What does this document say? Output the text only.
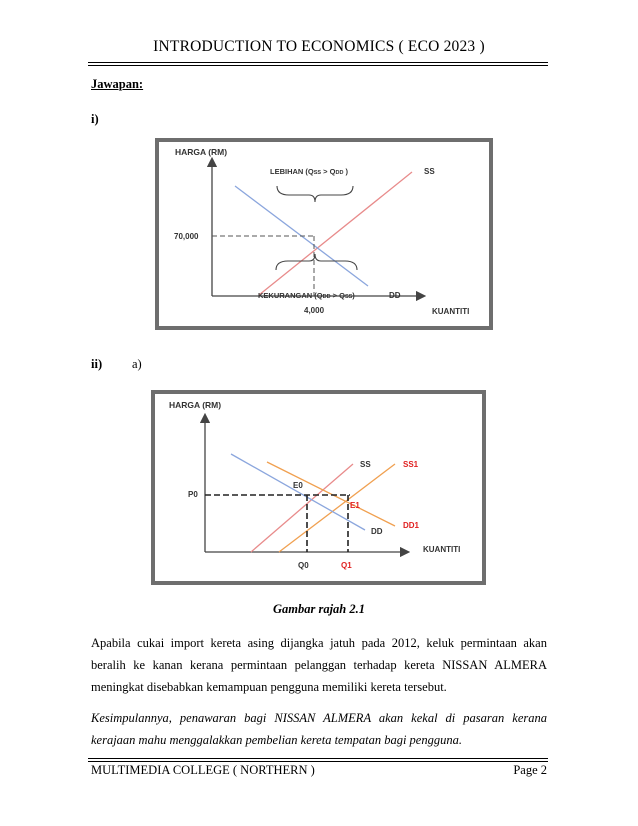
INTRODUCTION TO ECONOMICS ( ECO 2023 )
Jawapan:
i)
HARGA (RM)
KUANTITI
70,000
4,000
SS
DD
LEBIHAN (QSS > QDD )
KEKURANGAN (QDD > QSS)
ii) a)
HARGA (RM)
KUANTITI
P0
Q0	Q1
E0
E1
SS	SS1
DD
DD1
Gambar rajah 2.1

Apabila cukai import kereta asing dijangka jatuh pada 2012, keluk permintaan akan beralih ke kanan kerana permintaan pelanggan terhadap kereta NISSAN ALMERA meningkat disebabkan kemampuan pengguna memiliki kereta tersebut.

Kesimpulannya, penawaran bagi NISSAN ALMERA akan kekal di pasaran kerana kerajaan mahu menggalakkan pembelian kereta tempatan bagi pengguna.

MULTIMEDIA COLLEGE ( NORTHERN )	Page 2
